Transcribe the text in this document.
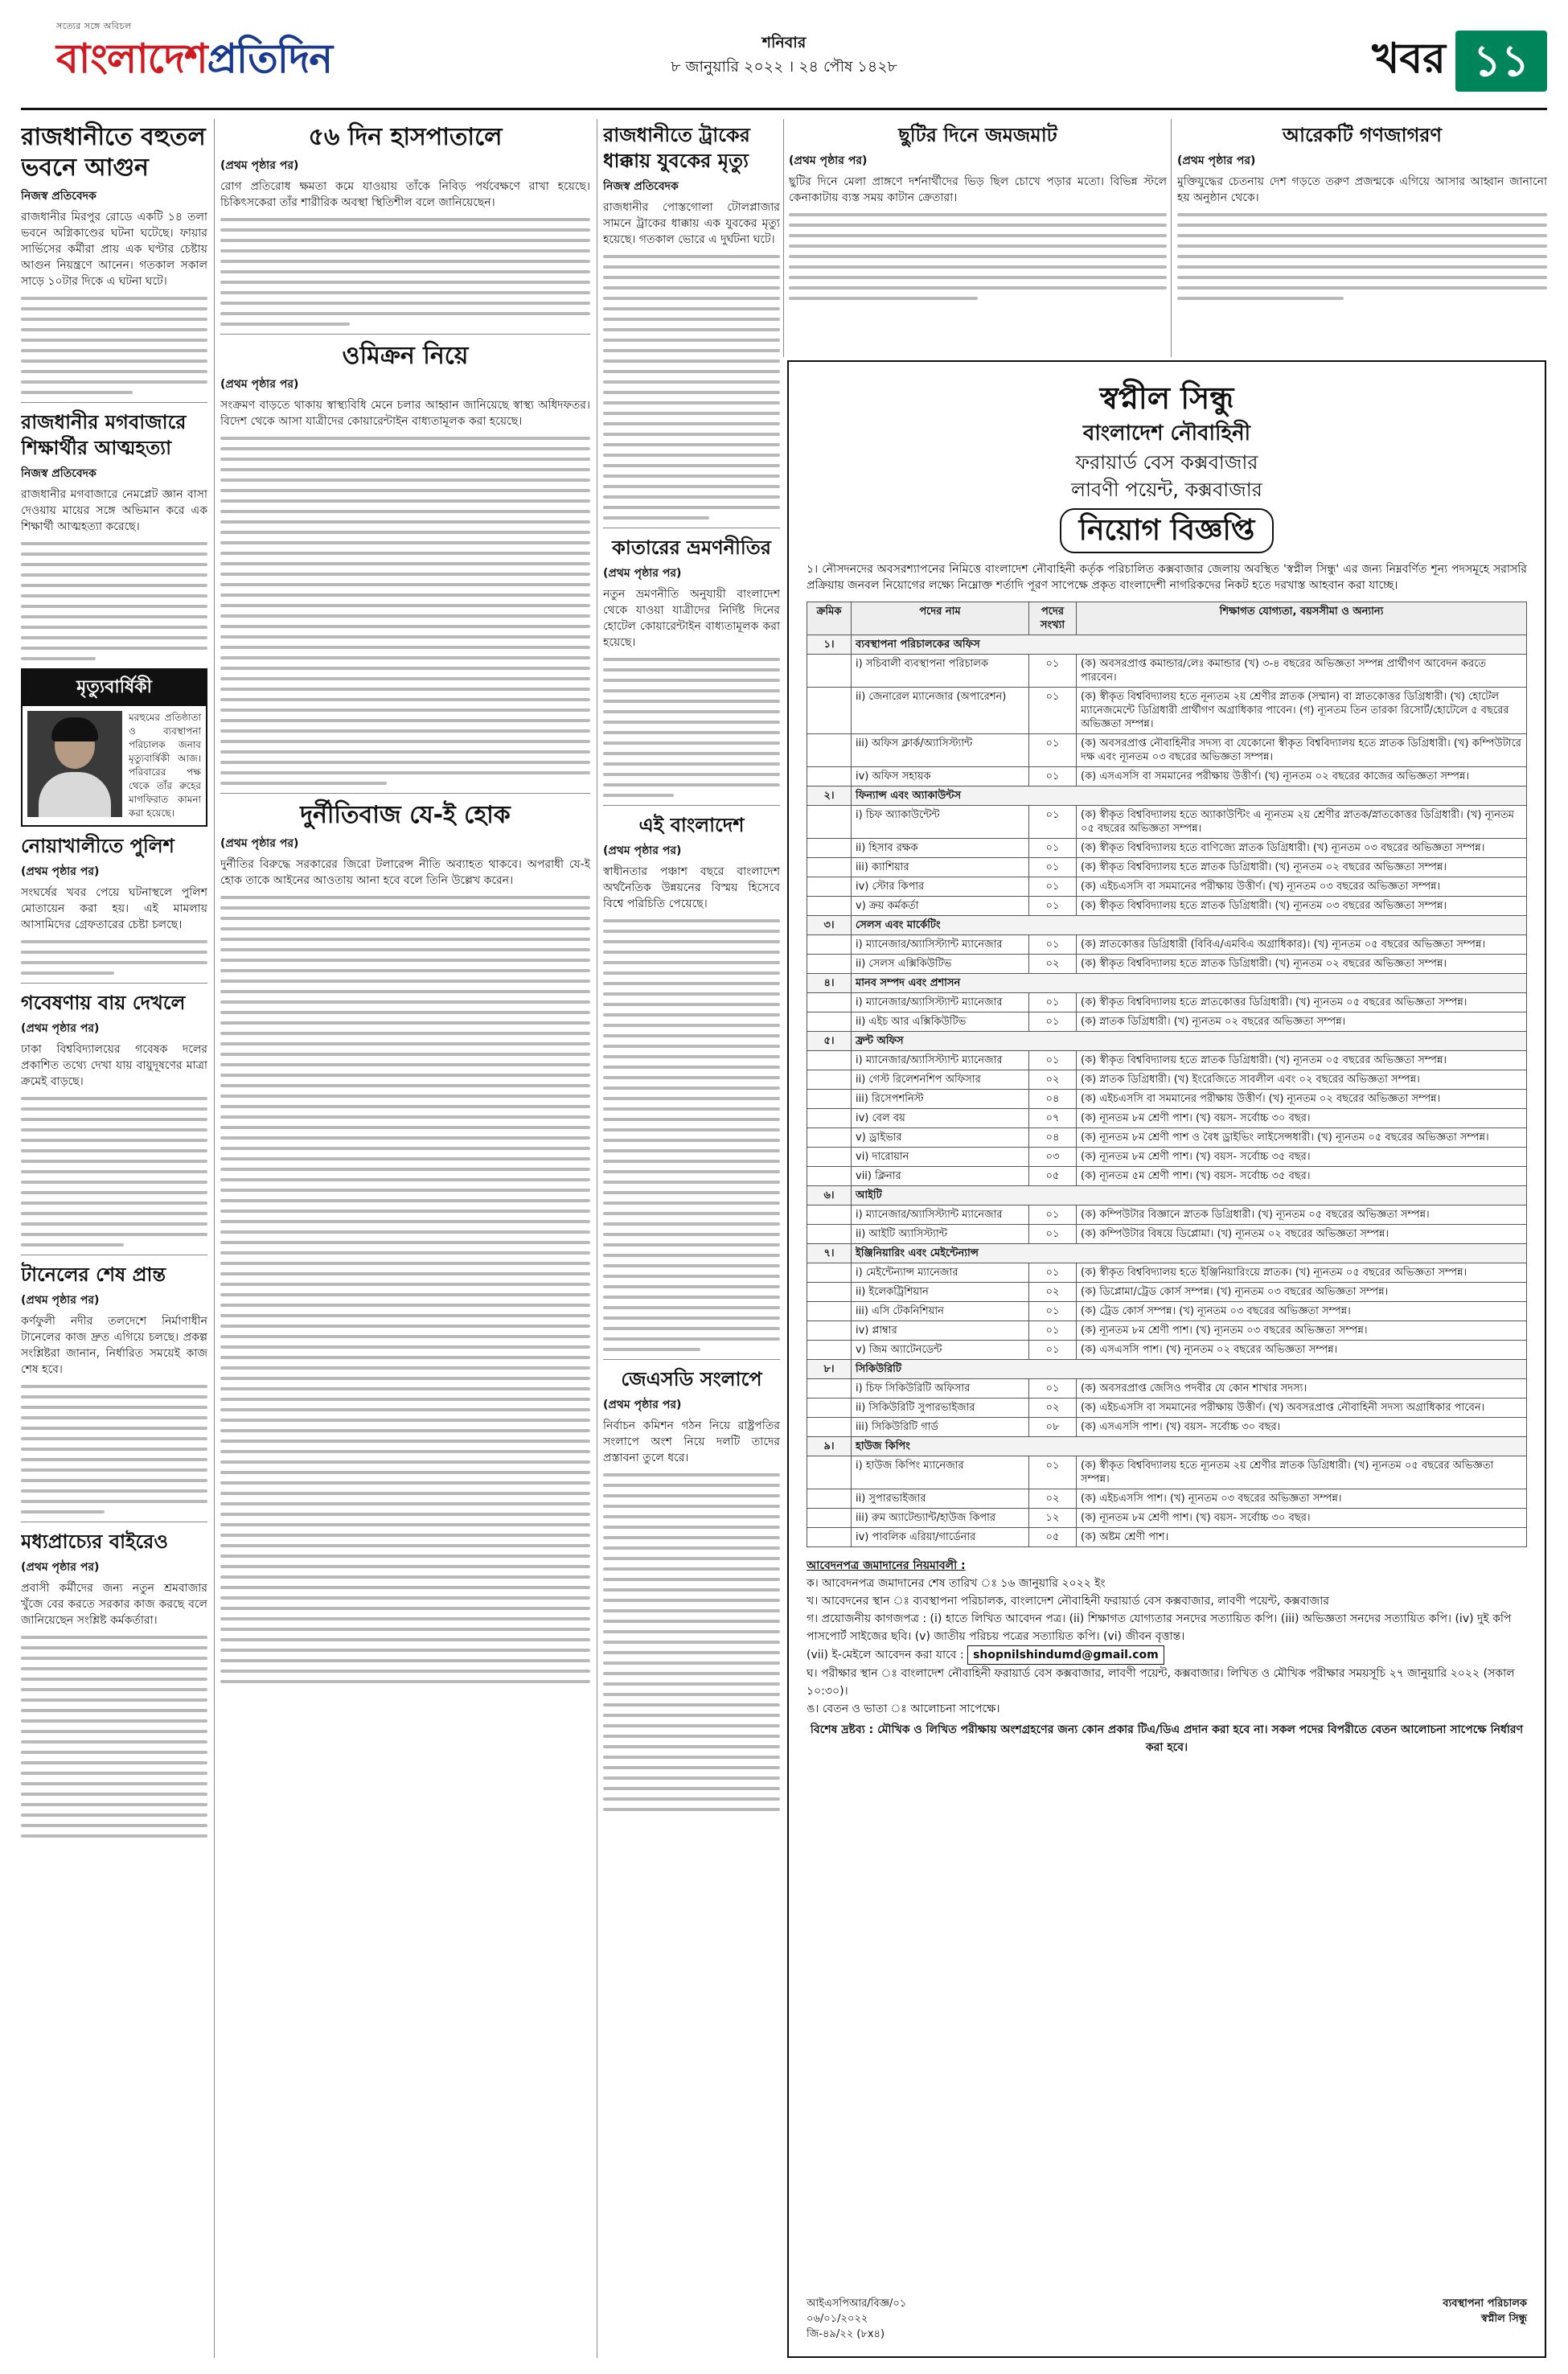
সত্যের সঙ্গে অবিচল
বাংলাদেশপ্রতিদিন	শনিবার
৮ জানুয়ারি ২০২২ । ২৪ পৌষ ১৪২৮	খবর ১১
রাজধানীতে বহুতল ভবনে আগুন
নিজস্ব প্রতিবেদক
রাজধানীর মিরপুর রোডে একটি ১৪ তলা ভবনে অগ্নিকাণ্ডের ঘটনা ঘটেছে। ফায়ার সার্ভিসের কর্মীরা প্রায় এক ঘণ্টার চেষ্টায় আগুন নিয়ন্ত্রণে আনেন। গতকাল সকাল সাড়ে ১০টার দিকে এ ঘটনা ঘটে।
রাজধানীর মগবাজারে শিক্ষার্থীর আত্মহত্যা
নিজস্ব প্রতিবেদক
রাজধানীর মগবাজারে নেমপ্লেট জ্ঞান বাসা দেওয়ায় মায়ের সঙ্গে অভিমান করে এক শিক্ষার্থী আত্মহত্যা করেছে।
মৃত্যুবার্ষিকী
মরহুমের প্রতিষ্ঠাতা ও ব্যবস্থাপনা পরিচালক জনাব মৃত্যুবার্ষিকী আজ। পরিবারের পক্ষ থেকে তাঁর রুহের মাগফিরাত কামনা করা হয়েছে।
নোয়াখালীতে পুলিশ
(প্রথম পৃষ্ঠার পর)
সংঘর্ষের খবর পেয়ে ঘটনাস্থলে পুলিশ মোতায়েন করা হয়। এই মামলায় আসামিদের গ্রেফতারের চেষ্টা চলছে।
গবেষণায় বায় দেখলে
(প্রথম পৃষ্ঠার পর)
ঢাকা বিশ্ববিদ্যালয়ের গবেষক দলের প্রকাশিত তথ্যে দেখা যায় বায়ুদূষণের মাত্রা ক্রমেই বাড়ছে।
টানেলের শেষ প্রান্ত
(প্রথম পৃষ্ঠার পর)
কর্ণফুলী নদীর তলদেশে নির্মাণাধীন টানেলের কাজ দ্রুত এগিয়ে চলছে। প্রকল্প সংশ্লিষ্টরা জানান, নির্ধারিত সময়েই কাজ শেষ হবে।
মধ্যপ্রাচ্যের বাইরেও
(প্রথম পৃষ্ঠার পর)
প্রবাসী কর্মীদের জন্য নতুন শ্রমবাজার খুঁজে বের করতে সরকার কাজ করছে বলে জানিয়েছেন সংশ্লিষ্ট কর্মকর্তারা।
৫৬ দিন হাসপাতালে
(প্রথম পৃষ্ঠার পর)
রোগ প্রতিরোধ ক্ষমতা কমে যাওয়ায় তাঁকে নিবিড় পর্যবেক্ষণে রাখা হয়েছে। চিকিৎসকেরা তাঁর শারীরিক অবস্থা স্থিতিশীল বলে জানিয়েছেন।
ওমিক্রন নিয়ে
(প্রথম পৃষ্ঠার পর)
সংক্রমণ বাড়তে থাকায় স্বাস্থ্যবিধি মেনে চলার আহ্বান জানিয়েছে স্বাস্থ্য অধিদফতর। বিদেশ থেকে আসা যাত্রীদের কোয়ারেন্টাইন বাধ্যতামূলক করা হয়েছে।
দুর্নীতিবাজ যে-ই হোক
(প্রথম পৃষ্ঠার পর)
দুর্নীতির বিরুদ্ধে সরকারের জিরো টলারেন্স নীতি অব্যাহত থাকবে। অপরাধী যে-ই হোক তাকে আইনের আওতায় আনা হবে বলে তিনি উল্লেখ করেন।
রাজধানীতে ট্রাকের ধাক্কায় যুবকের মৃত্যু
নিজস্ব প্রতিবেদক
রাজধানীর পোস্তগোলা টোলপ্লাজার সামনে ট্রাকের ধাক্কায় এক যুবকের মৃত্যু হয়েছে। গতকাল ভোরে এ দুর্ঘটনা ঘটে।
কাতারের ভ্রমণনীতির
(প্রথম পৃষ্ঠার পর)
নতুন ভ্রমণনীতি অনুযায়ী বাংলাদেশ থেকে যাওয়া যাত্রীদের নির্দিষ্ট দিনের হোটেল কোয়ারেন্টাইন বাধ্যতামূলক করা হয়েছে।
এই বাংলাদেশ
(প্রথম পৃষ্ঠার পর)
স্বাধীনতার পঞ্চাশ বছরে বাংলাদেশ অর্থনৈতিক উন্নয়নের বিস্ময় হিসেবে বিশ্বে পরিচিতি পেয়েছে।
জেএসডি সংলাপে
(প্রথম পৃষ্ঠার পর)
নির্বাচন কমিশন গঠন নিয়ে রাষ্ট্রপতির সংলাপে অংশ নিয়ে দলটি তাদের প্রস্তাবনা তুলে ধরে।
ছুটির দিনে জমজমাট
(প্রথম পৃষ্ঠার পর)
ছুটির দিনে মেলা প্রাঙ্গণে দর্শনার্থীদের ভিড় ছিল চোখে পড়ার মতো। বিভিন্ন স্টলে কেনাকাটায় ব্যস্ত সময় কাটান ক্রেতারা।
আরেকটি গণজাগরণ
(প্রথম পৃষ্ঠার পর)
মুক্তিযুদ্ধের চেতনায় দেশ গড়তে তরুণ প্রজন্মকে এগিয়ে আসার আহ্বান জানানো হয় অনুষ্ঠান থেকে।
স্বপ্নীল সিন্ধু
বাংলাদেশ নৌবাহিনী
ফরায়ার্ড বেস কক্সবাজার
লাবণী পয়েন্ট, কক্সবাজার
নিয়োগ বিজ্ঞপ্তি
১। নৌসদনদের অবসরশ্যাপনের নিমিত্তে বাংলাদেশ নৌবাহিনী কর্তৃক পরিচালিত কক্সবাজার জেলায় অবস্থিত 'স্বপ্নীল সিন্ধু' এর জন্য নিম্নবর্ণিত শূন্য পদসমূহে সরাসরি প্রক্রিয়ায় জনবল নিয়োগের লক্ষ্যে নিম্নোক্ত শর্তাদি পূরণ সাপেক্ষে প্রকৃত বাংলাদেশী নাগরিকদের নিকট হতে দরখাস্ত আহবান করা যাচ্ছে।
ক্রমিক	পদের নাম	পদের সংখ্যা	শিক্ষাগত যোগ্যতা, বয়সসীমা ও অন্যান্য
১।	ব্যবস্থাপনা পরিচালকের অফিস		
	i) সচিবালী ব্যবস্থাপনা পরিচালক	০১	(ক) অবসরপ্রাপ্ত কমান্ডার/লেঃ কমান্ডার (খ) ৩-৪ বছরের অভিজ্ঞতা সম্পন্ন প্রার্থীগণ আবেদন করতে পারবেন।
	ii) জেনারেল ম্যানেজার (অপারেশন)	০১	(ক) স্বীকৃত বিশ্ববিদ্যালয় হতে নূন্যতম ২য় শ্রেণীর স্নাতক (সম্মান) বা স্নাতকোত্তর ডিগ্রিধারী। (খ) হোটেল ম্যানেজমেন্টে ডিগ্রিধারী প্রার্থীগণ অগ্রাধিকার পাবেন। (গ) ন্যূনতম তিন তারকা রিসোর্ট/হোটেলে ৫ বছরের অভিজ্ঞতা সম্পন্ন।
	iii) অফিস ক্লার্ক/অ্যাসিস্ট্যান্ট	০১	(ক) অবসরপ্রাপ্ত নৌবাহিনীর সদস্য বা যেকোনো স্বীকৃত বিশ্ববিদ্যালয় হতে স্নাতক ডিগ্রিধারী। (খ) কম্পিউটারে দক্ষ এবং ন্যূনতম ০৩ বছরের অভিজ্ঞতা সম্পন্ন।
	iv) অফিস সহায়ক	০১	(ক) এসএসসি বা সমমানের পরীক্ষায় উত্তীর্ণ। (খ) ন্যূনতম ০২ বছরের কাজের অভিজ্ঞতা সম্পন্ন।
২।	ফিন্যান্স এবং অ্যাকাউন্টস		
	i) চিফ অ্যাকাউন্টেন্ট	০১	(ক) স্বীকৃত বিশ্ববিদ্যালয় হতে অ্যাকাউন্টিং এ ন্যূনতম ২য় শ্রেণীর স্নাতক/স্নাতকোত্তর ডিগ্রিধারী। (খ) ন্যূনতম ০৫ বছরের অভিজ্ঞতা সম্পন্ন।
	ii) হিসাব রক্ষক	০১	(ক) স্বীকৃত বিশ্ববিদ্যালয় হতে বাণিজ্যে স্নাতক ডিগ্রিধারী। (খ) ন্যূনতম ০৩ বছরের অভিজ্ঞতা সম্পন্ন।
	iii) ক্যাশিয়ার	০১	(ক) স্বীকৃত বিশ্ববিদ্যালয় হতে স্নাতক ডিগ্রিধারী। (খ) ন্যূনতম ০২ বছরের অভিজ্ঞতা সম্পন্ন।
	iv) স্টোর কিপার	০১	(ক) এইচএসসি বা সমমানের পরীক্ষায় উত্তীর্ণ। (খ) ন্যূনতম ০৩ বছরের অভিজ্ঞতা সম্পন্ন।
	v) ক্রয় কর্মকর্তা	০১	(ক) স্বীকৃত বিশ্ববিদ্যালয় হতে স্নাতক ডিগ্রিধারী। (খ) ন্যূনতম ০৩ বছরের অভিজ্ঞতা সম্পন্ন।
৩।	সেলস এবং মার্কেটিং		
	i) ম্যানেজার/অ্যাসিস্ট্যান্ট ম্যানেজার	০১	(ক) স্নাতকোত্তর ডিগ্রিধারী (বিবিএ/এমবিএ অগ্রাধিকার)। (খ) ন্যূনতম ০৫ বছরের অভিজ্ঞতা সম্পন্ন।
	ii) সেলস এক্সিকিউটিভ	০২	(ক) স্বীকৃত বিশ্ববিদ্যালয় হতে স্নাতক ডিগ্রিধারী। (খ) ন্যূনতম ০২ বছরের অভিজ্ঞতা সম্পন্ন।
৪।	মানব সম্পদ এবং প্রশাসন		
	i) ম্যানেজার/অ্যাসিস্ট্যান্ট ম্যানেজার	০১	(ক) স্বীকৃত বিশ্ববিদ্যালয় হতে স্নাতকোত্তর ডিগ্রিধারী। (খ) ন্যূনতম ০৫ বছরের অভিজ্ঞতা সম্পন্ন।
	ii) এইচ আর এক্সিকিউটিভ	০১	(ক) স্নাতক ডিগ্রিধারী। (খ) ন্যূনতম ০২ বছরের অভিজ্ঞতা সম্পন্ন।
৫।	ফ্রন্ট অফিস		
	i) ম্যানেজার/অ্যাসিস্ট্যান্ট ম্যানেজার	০১	(ক) স্বীকৃত বিশ্ববিদ্যালয় হতে স্নাতক ডিগ্রিধারী। (খ) ন্যূনতম ০৫ বছরের অভিজ্ঞতা সম্পন্ন।
	ii) গেস্ট রিলেশনশিপ অফিসার	০২	(ক) স্নাতক ডিগ্রিধারী। (খ) ইংরেজিতে সাবলীল এবং ০২ বছরের অভিজ্ঞতা সম্পন্ন।
	iii) রিসেপশনিস্ট	০৪	(ক) এইচএসসি বা সমমানের পরীক্ষায় উত্তীর্ণ। (খ) ন্যূনতম ০২ বছরের অভিজ্ঞতা সম্পন্ন।
	iv) বেল বয়	০৭	(ক) ন্যূনতম ৮ম শ্রেণী পাশ। (খ) বয়স- সর্বোচ্চ ৩০ বছর।
	v) ড্রাইভার	০৪	(ক) ন্যূনতম ৮ম শ্রেণী পাশ ও বৈধ ড্রাইভিং লাইসেন্সধারী। (খ) ন্যূনতম ০৫ বছরের অভিজ্ঞতা সম্পন্ন।
	vi) দারোয়ান	০৩	(ক) ন্যূনতম ৮ম শ্রেণী পাশ। (খ) বয়স- সর্বোচ্চ ৩৫ বছর।
	vii) ক্লিনার	০৫	(ক) ন্যূনতম ৫ম শ্রেণী পাশ। (খ) বয়স- সর্বোচ্চ ৩৫ বছর।
৬।	আইটি		
	i) ম্যানেজার/অ্যাসিস্ট্যান্ট ম্যানেজার	০১	(ক) কম্পিউটার বিজ্ঞানে স্নাতক ডিগ্রিধারী। (খ) ন্যূনতম ০৫ বছরের অভিজ্ঞতা সম্পন্ন।
	ii) আইটি অ্যাসিস্ট্যান্ট	০১	(ক) কম্পিউটার বিষয়ে ডিপ্লোমা। (খ) ন্যূনতম ০২ বছরের অভিজ্ঞতা সম্পন্ন।
৭।	ইঞ্জিনিয়ারিং এবং মেইন্টেন্যান্স		
	i) মেইন্টেন্যান্স ম্যানেজার	০১	(ক) স্বীকৃত বিশ্ববিদ্যালয় হতে ইঞ্জিনিয়ারিংয়ে স্নাতক। (খ) ন্যূনতম ০৫ বছরের অভিজ্ঞতা সম্পন্ন।
	ii) ইলেকট্রিশিয়ান	০২	(ক) ডিপ্লোমা/ট্রেড কোর্স সম্পন্ন। (খ) ন্যূনতম ০৩ বছরের অভিজ্ঞতা সম্পন্ন।
	iii) এসি টেকনিশিয়ান	০১	(ক) ট্রেড কোর্স সম্পন্ন। (খ) ন্যূনতম ০৩ বছরের অভিজ্ঞতা সম্পন্ন।
	iv) প্লাম্বার	০১	(ক) ন্যূনতম ৮ম শ্রেণী পাশ। (খ) ন্যূনতম ০৩ বছরের অভিজ্ঞতা সম্পন্ন।
	v) জিম অ্যাটেনডেন্ট	০১	(ক) এসএসসি পাশ। (খ) ন্যূনতম ০২ বছরের অভিজ্ঞতা সম্পন্ন।
৮।	সিকিউরিটি		
	i) চিফ সিকিউরিটি অফিসার	০১	(ক) অবসরপ্রাপ্ত জেসিও পদবীর যে কোন শাখার সদস্য।
	ii) সিকিউরিটি সুপারভাইজার	০২	(ক) এইচএসসি বা সমমানের পরীক্ষায় উত্তীর্ণ। (খ) অবসরপ্রাপ্ত নৌবাহিনী সদস্য অগ্রাধিকার পাবেন।
	iii) সিকিউরিটি গার্ড	০৮	(ক) এসএসসি পাশ। (খ) বয়স- সর্বোচ্চ ৩০ বছর।
৯।	হাউজ কিপিং		
	i) হাউজ কিপিং ম্যানেজার	০১	(ক) স্বীকৃত বিশ্ববিদ্যালয় হতে ন্যূনতম ২য় শ্রেণীর স্নাতক ডিগ্রিধারী। (খ) ন্যূনতম ০৫ বছরের অভিজ্ঞতা সম্পন্ন।
	ii) সুপারভাইজার	০২	(ক) এইচএসসি পাশ। (খ) ন্যূনতম ০৩ বছরের অভিজ্ঞতা সম্পন্ন।
	iii) রুম অ্যাটেন্ড্যান্ট/হাউজ কিপার	১২	(ক) ন্যূনতম ৮ম শ্রেণী পাশ। (খ) বয়স- সর্বোচ্চ ৩০ বছর।
	iv) পাবলিক এরিয়া/গার্ডেনার	০৫	(ক) অষ্টম শ্রেণী পাশ।
আবেদনপত্র জমাদানের নিয়মাবলী :
ক। আবেদনপত্র জমাদানের শেষ তারিখ ঃ ১৬ জানুয়ারি ২০২২ ইং
খ। আবেদনের স্থান ঃ ব্যবস্থাপনা পরিচালক, বাংলাদেশ নৌবাহিনী ফরায়ার্ড বেস কক্সবাজার, লাবণী পয়েন্ট, কক্সবাজার
গ। প্রয়োজনীয় কাগজপত্র : (i) হাতে লিখিত আবেদন পত্র। (ii) শিক্ষাগত যোগ্যতার সনদের সত্যায়িত কপি। (iii) অভিজ্ঞতা সনদের সত্যায়িত কপি। (iv) দুই কপি পাসপোর্ট সাইজের ছবি। (v) জাতীয় পরিচয় পত্রের সত্যায়িত কপি। (vi) জীবন বৃত্তান্ত।
(vii) ই-মেইলে আবেদন করা যাবে : shopnilshindumd@gmail.com
ঘ। পরীক্ষার স্থান ঃ বাংলাদেশ নৌবাহিনী ফরায়ার্ড বেস কক্সবাজার, লাবণী পয়েন্ট, কক্সবাজার। লিখিত ও মৌখিক পরীক্ষার সময়সূচি ২৭ জানুয়ারি ২০২২ (সকাল ১০:৩০)।
ঙ। বেতন ও ভাতা ঃ আলোচনা সাপেক্ষে।
বিশেষ দ্রষ্টব্য : মৌখিক ও লিখিত পরীক্ষায় অংশগ্রহণের জন্য কোন প্রকার টিএ/ডিএ প্রদান করা হবে না। সকল পদের বিপরীতে বেতন আলোচনা সাপেক্ষে নির্ধারণ করা হবে।
আইএসপিআর/বিজ্ঞ/০১
০৬/০১/২০২২
জি-৪৯/২২ (৮x৪)
ব্যবস্থাপনা পরিচালক
স্বপ্নীল সিন্ধু
